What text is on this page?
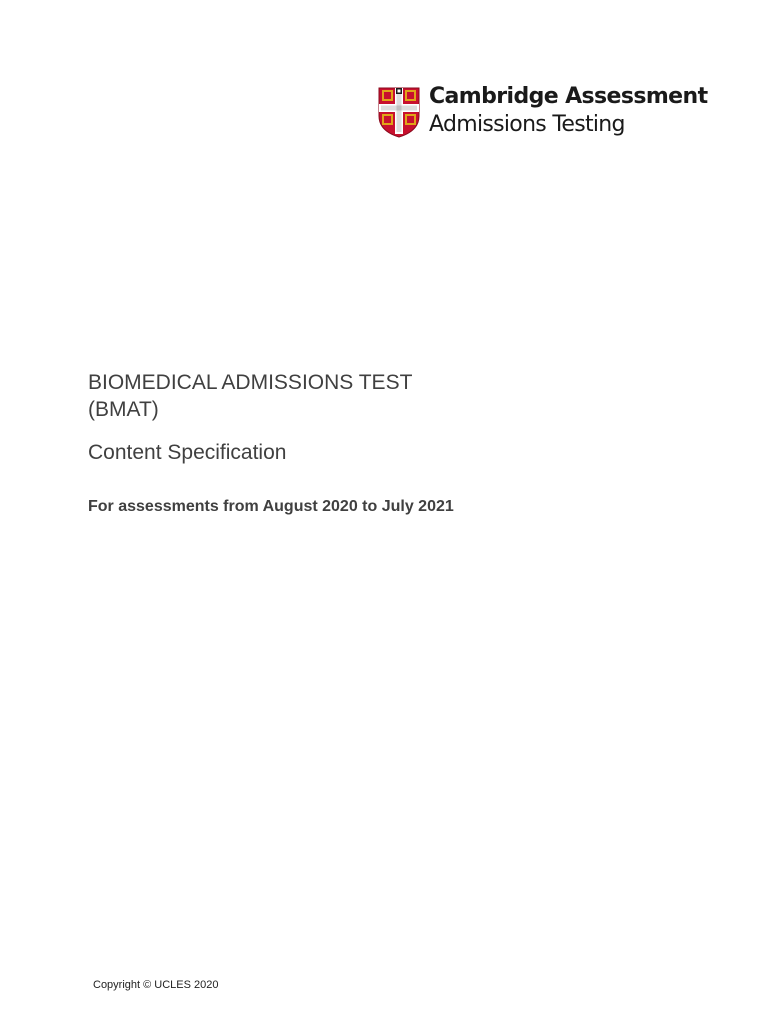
Cambridge Assessment
Admissions Testing
BIOMEDICAL ADMISSIONS TEST
(BMAT)
Content Specification
For assessments from August 2020 to July 2021
Copyright © UCLES 2020
